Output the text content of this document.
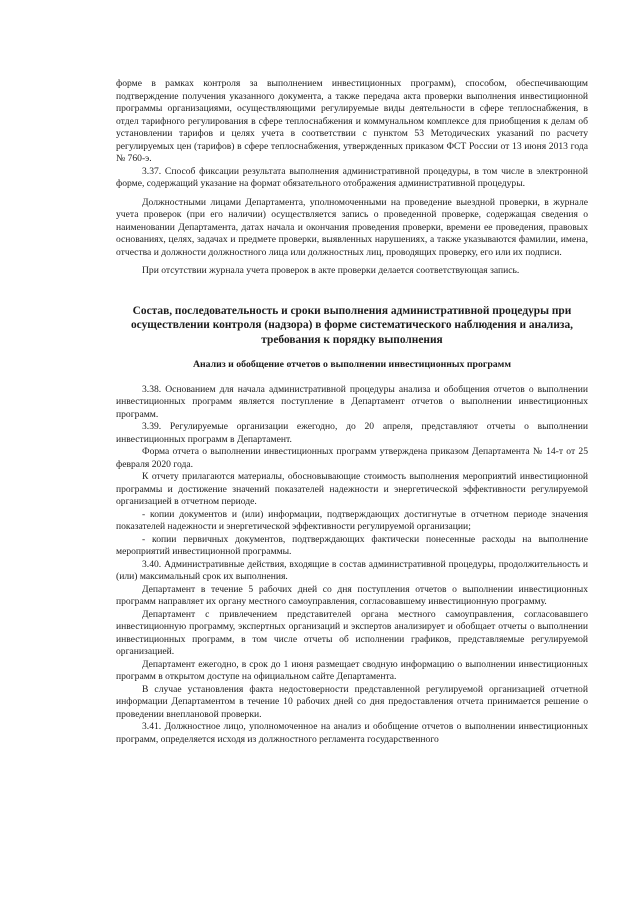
форме в рамках контроля за выполнением инвестиционных программ), способом, обеспечивающим подтверждение получения указанного документа, а также передача акта проверки выполнения инвестиционной программы организациями, осуществляющими регулируемые виды деятельности в сфере теплоснабжения, в отдел тарифного регулирования в сфере теплоснабжения и коммунальном комплексе для приобщения к делам об установлении тарифов и целях учета в соответствии с пунктом 53 Методических указаний по расчету регулируемых цен (тарифов) в сфере теплоснабжения, утвержденных приказом ФСТ России от 13 июня 2013 года № 760-э.

3.37. Способ фиксации результата выполнения административной процедуры, в том числе в электронной форме, содержащий указание на формат обязательного отображения административной процедуры.

Должностными лицами Департамента, уполномоченными на проведение выездной проверки, в журнале учета проверок (при его наличии) осуществляется запись о проведенной проверке, содержащая сведения о наименовании Департамента, датах начала и окончания проведения проверки, времени ее проведения, правовых основаниях, целях, задачах и предмете проверки, выявленных нарушениях, а также указываются фамилии, имена, отчества и должности должностного лица или должностных лиц, проводящих проверку, его или их подписи.

При отсутствии журнала учета проверок в акте проверки делается соответствующая запись.

Состав, последовательность и сроки выполнения административной процедуры при осуществлении контроля (надзора) в форме систематического наблюдения и анализа, требования к порядку выполнения
Анализ и обобщение отчетов о выполнении инвестиционных программ

3.38. Основанием для начала административной процедуры анализа и обобщения отчетов о выполнении инвестиционных программ является поступление в Департамент отчетов о выполнении инвестиционных программ.

3.39. Регулируемые организации ежегодно, до 20 апреля, представляют отчеты о выполнении инвестиционных программ в Департамент.

Форма отчета о выполнении инвестиционных программ утверждена приказом Департамента № 14-т от 25 февраля 2020 года.

К отчету прилагаются материалы, обосновывающие стоимость выполнения мероприятий инвестиционной программы и достижение значений показателей надежности и энергетической эффективности регулируемой организацией в отчетном периоде.

- копии документов и (или) информации, подтверждающих достигнутые в отчетном периоде значения показателей надежности и энергетической эффективности регулируемой организации;

- копии первичных документов, подтверждающих фактически понесенные расходы на выполнение мероприятий инвестиционной программы.

3.40. Административные действия, входящие в состав административной процедуры, продолжительность и (или) максимальный срок их выполнения.

Департамент в течение 5 рабочих дней со дня поступления отчетов о выполнении инвестиционных программ направляет их органу местного самоуправления, согласовавшему инвестиционную программу.

Департамент с привлечением представителей органа местного самоуправления, согласовавшего инвестиционную программу, экспертных организаций и экспертов анализирует и обобщает отчеты о выполнении инвестиционных программ, в том числе отчеты об исполнении графиков, представляемые регулируемой организацией.

Департамент ежегодно, в срок до 1 июня размещает сводную информацию о выполнении инвестиционных программ в открытом доступе на официальном сайте Департамента.

В случае установления факта недостоверности представленной регулируемой организацией отчетной информации Департаментом в течение 10 рабочих дней со дня предоставления отчета принимается решение о проведении внеплановой проверки.

3.41. Должностное лицо, уполномоченное на анализ и обобщение отчетов о выполнении инвестиционных программ, определяется исходя из должностного регламента государственного
